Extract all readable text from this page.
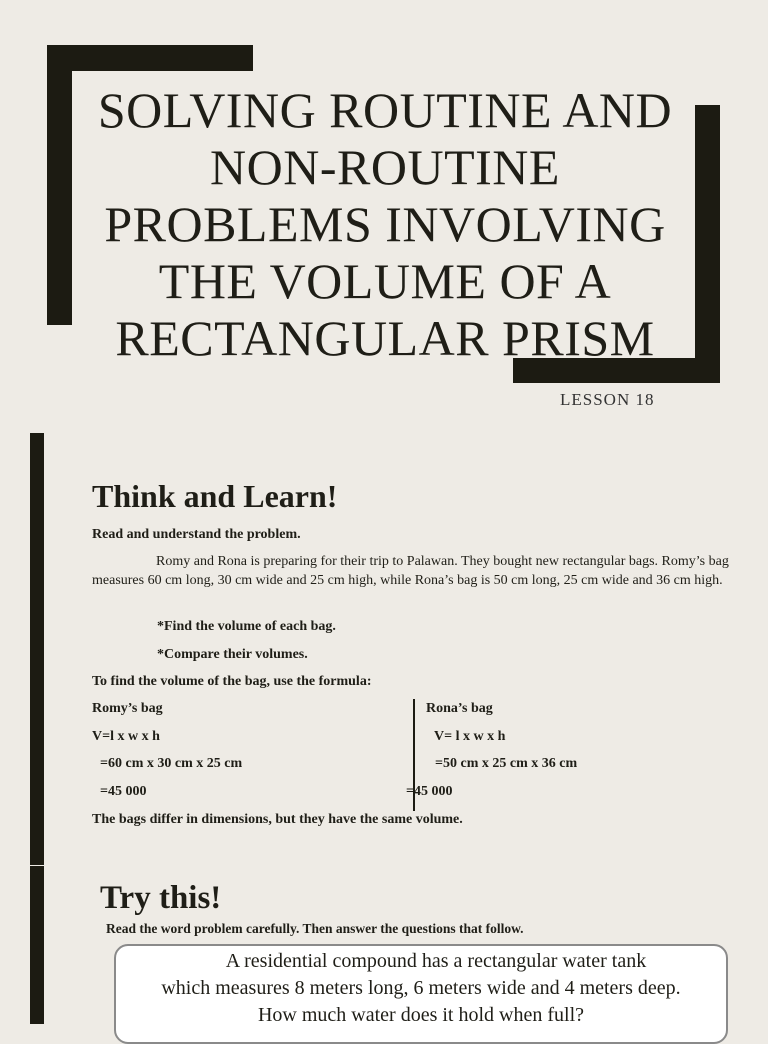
SOLVING ROUTINE AND
NON-ROUTINE
PROBLEMS INVOLVING
THE VOLUME OF A
RECTANGULAR PRISM
LESSON 18
Think and Learn!
Read and understand the problem.
Romy and Rona is preparing for their trip to Palawan. They bought new rectangular bags. Romy’s bag measures 60 cm long, 30 cm wide and 25 cm high, while Rona’s bag is 50 cm long, 25 cm wide and 36 cm high.
*Find the volume of each bag.
*Compare their volumes.
To find the volume of the bag, use the formula:
Romy’s bag
V=l x w x h
=60 cm x 30 cm x 25 cm
=45 000
Rona’s bag
V= l x w x h
=50 cm x 25 cm x 36 cm
=45 000
The bags differ in dimensions, but they have the same volume.
Try this!
Read the word problem carefully. Then answer the questions that follow.
A residential compound has a rectangular water tank
which measures 8 meters long, 6 meters wide and 4 meters deep.
How much water does it hold when full?
